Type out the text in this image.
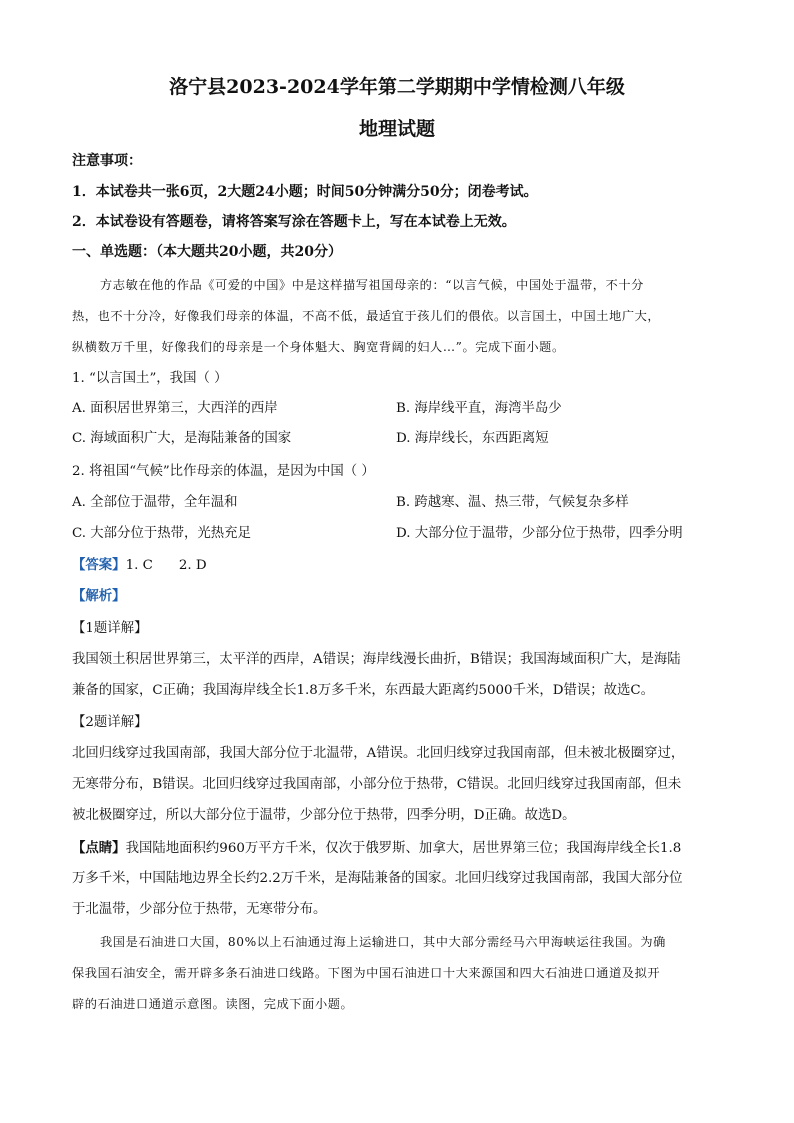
洛宁县2023-2024学年第二学期期中学情检测八年级
地理试题
注意事项：
1．本试卷共一张6页，2大题24小题；时间50分钟满分50分；闭卷考试。
2．本试卷设有答题卷，请将答案写涂在答题卡上，写在本试卷上无效。
一、单选题：（本大题共20小题，共20分）
方志敏在他的作品《可爱的中国》中是这样描写祖国母亲的：“以言气候，中国处于温带，不十分
热，也不十分冷，好像我们母亲的体温，不高不低，最适宜于孩儿们的偎依。以言国土，中国土地广大，
纵横数万千里，好像我们的母亲是一个身体魁大、胸宽背阔的妇人…”。完成下面小题。
1. “以言国土”，我国（ ）
A. 面积居世界第三，大西洋的西岸	B. 海岸线平直，海湾半岛少
C. 海域面积广大，是海陆兼备的国家	D. 海岸线长，东西距离短
2. 将祖国“气候”比作母亲的体温，是因为中国（ ）
A. 全部位于温带，全年温和	B. 跨越寒、温、热三带，气候复杂多样
C. 大部分位于热带，光热充足	D. 大部分位于温带，少部分位于热带，四季分明
【答案】1. C 2. D
【解析】
【1题详解】
我国领土积居世界第三，太平洋的西岸，A错误；海岸线漫长曲折，B错误；我国海域面积广大，是海陆
兼备的国家，C正确；我国海岸线全长1.8万多千米，东西最大距离约5000千米，D错误；故选C。
【2题详解】
北回归线穿过我国南部，我国大部分位于北温带，A错误。北回归线穿过我国南部，但未被北极圈穿过，
无寒带分布，B错误。北回归线穿过我国南部，小部分位于热带，C错误。北回归线穿过我国南部，但未
被北极圈穿过，所以大部分位于温带，少部分位于热带，四季分明，D正确。故选D。
【点睛】我国陆地面积约960万平方千米，仅次于俄罗斯、加拿大，居世界第三位；我国海岸线全长1.8
万多千米，中国陆地边界全长约2.2万千米，是海陆兼备的国家。北回归线穿过我国南部，我国大部分位
于北温带，少部分位于热带，无寒带分布。
我国是石油进口大国，80%以上石油通过海上运输进口，其中大部分需经马六甲海峡运往我国。为确
保我国石油安全，需开辟多条石油进口线路。下图为中国石油进口十大来源国和四大石油进口通道及拟开
辟的石油进口通道示意图。读图，完成下面小题。
